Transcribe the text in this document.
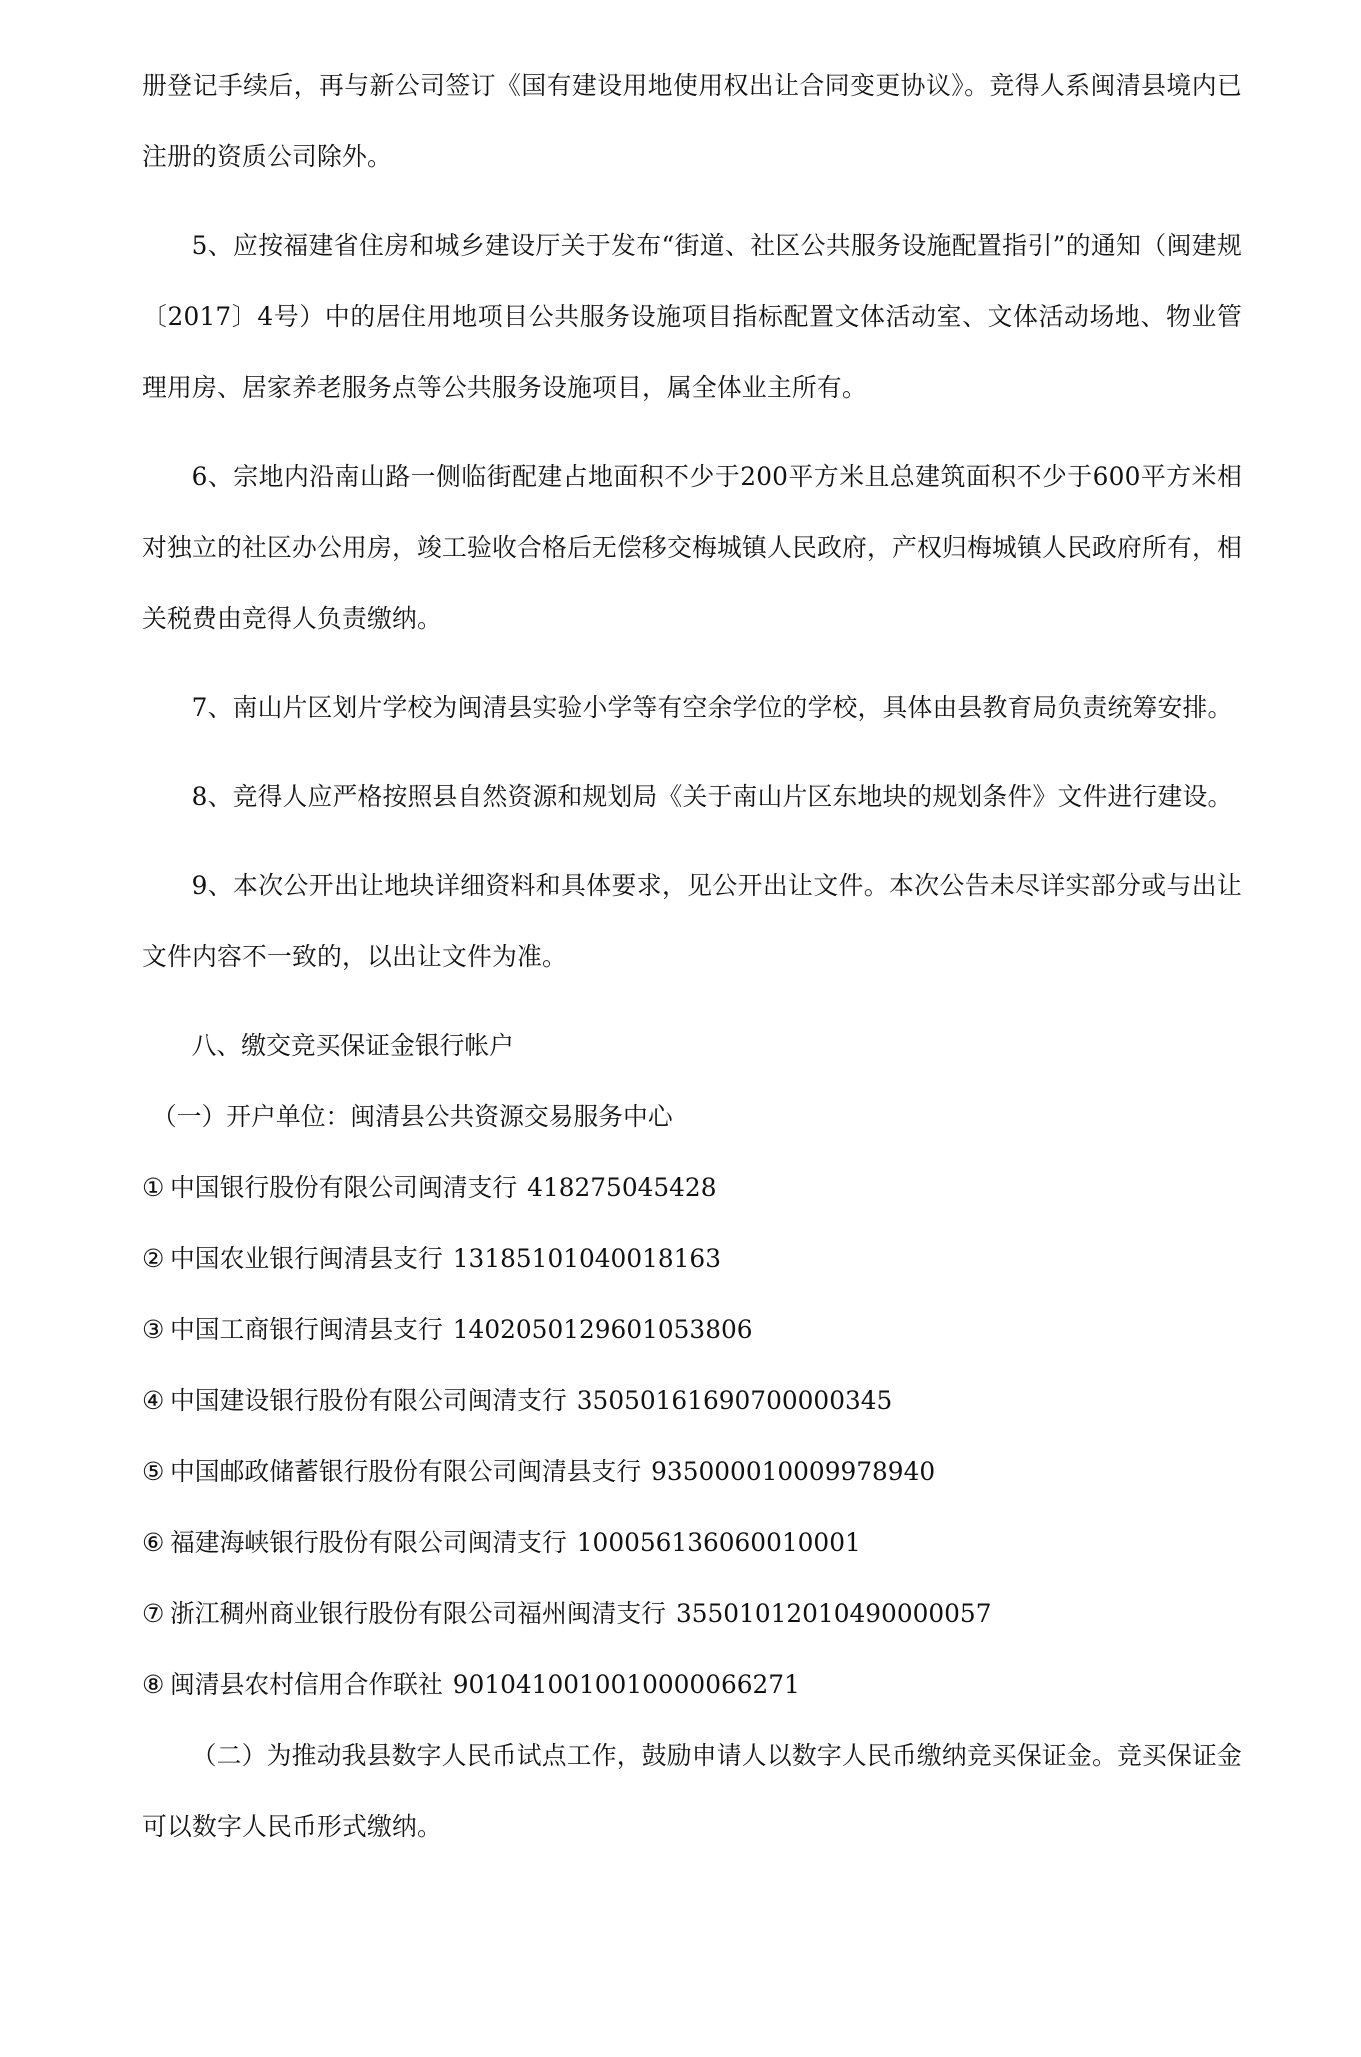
册登记手续后，再与新公司签订《国有建设用地使用权出让合同变更协议》。竞得人系闽清县境内已注册的资质公司除外。

5、应按福建省住房和城乡建设厅关于发布“街道、社区公共服务设施配置指引”的通知（闽建规〔2017〕4号）中的居住用地项目公共服务设施项目指标配置文体活动室、文体活动场地、物业管理用房、居家养老服务点等公共服务设施项目，属全体业主所有。

6、宗地内沿南山路一侧临街配建占地面积不少于200平方米且总建筑面积不少于600平方米相对独立的社区办公用房，竣工验收合格后无偿移交梅城镇人民政府，产权归梅城镇人民政府所有，相关税费由竞得人负责缴纳。

7、南山片区划片学校为闽清县实验小学等有空余学位的学校，具体由县教育局负责统筹安排。

8、竞得人应严格按照县自然资源和规划局《关于南山片区东地块的规划条件》文件进行建设。

9、本次公开出让地块详细资料和具体要求，见公开出让文件。本次公告未尽详实部分或与出让文件内容不一致的，以出让文件为准。

八、缴交竞买保证金银行帐户

（一）开户单位：闽清县公共资源交易服务中心

① 中国银行股份有限公司闽清支行 418275045428
② 中国农业银行闽清县支行 13185101040018163
③ 中国工商银行闽清县支行 1402050129601053806
④ 中国建设银行股份有限公司闽清支行 35050161690700000345
⑤ 中国邮政储蓄银行股份有限公司闽清县支行 935000010009978940
⑥ 福建海峡银行股份有限公司闽清支行 100056136060010001
⑦ 浙江稠州商业银行股份有限公司福州闽清支行 35501012010490000057
⑧ 闽清县农村信用合作联社 9010410010010000066271

（二）为推动我县数字人民币试点工作，鼓励申请人以数字人民币缴纳竞买保证金。竞买保证金可以数字人民币形式缴纳。
